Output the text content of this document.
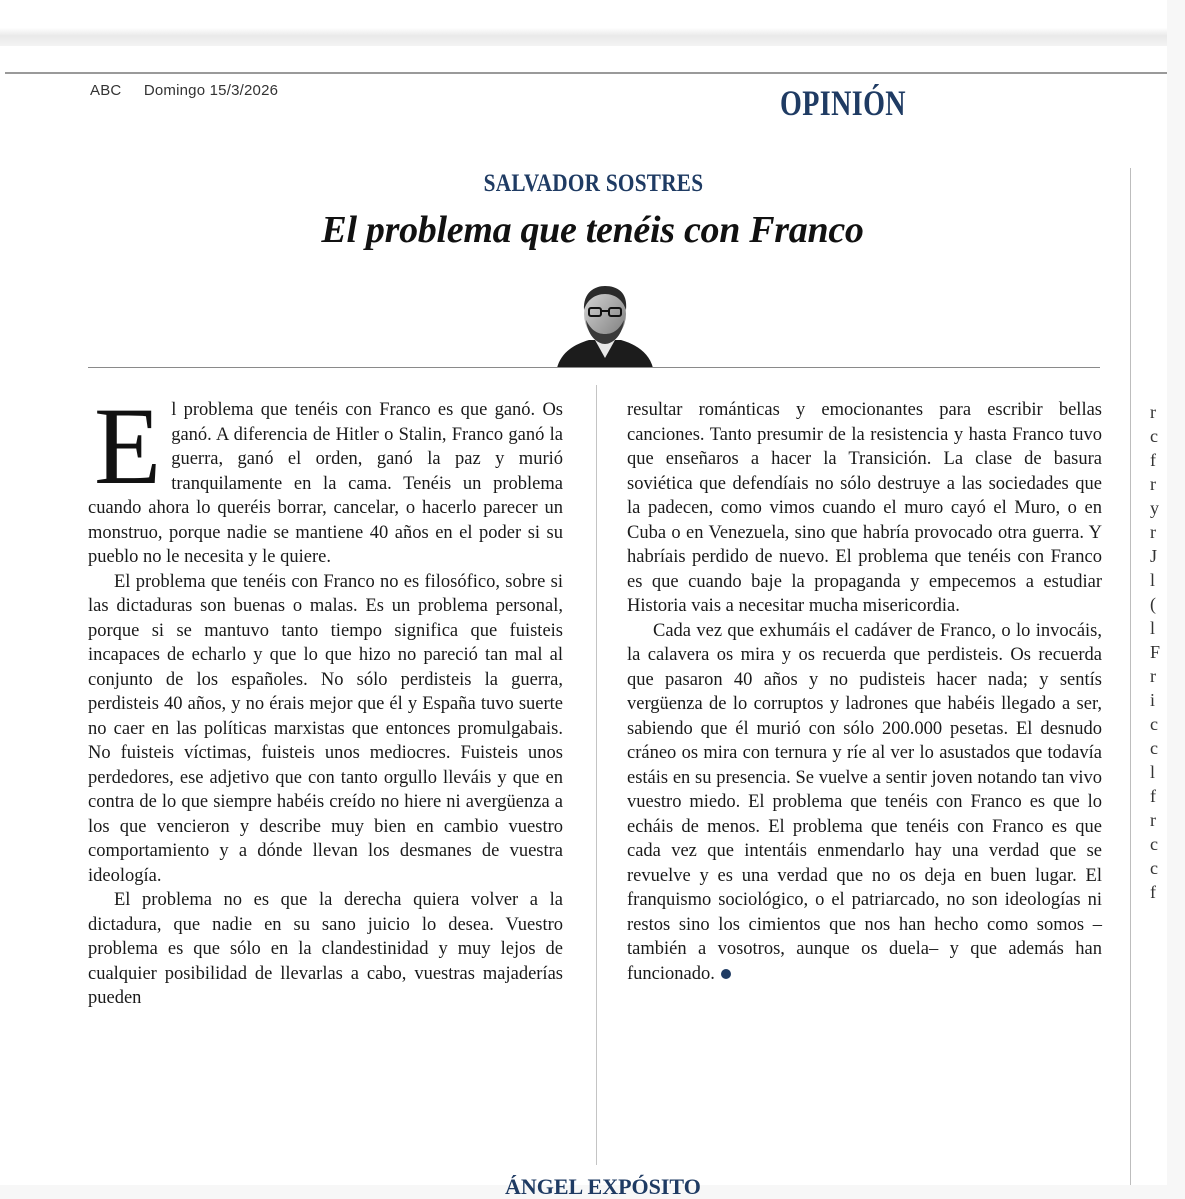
ABC Domingo 15/3/2026	OPINIÓN
r
c
f
r
y
r
J
l
(
l
F
r
i
c
c
l
f
r
c
c
f
SALVADOR SOSTRES
El problema que tenéis con Franco

El problema que tenéis con Franco es que ganó. Os ganó. A diferencia de Hitler o Stalin, Franco ganó la guerra, ganó el orden, ganó la paz y murió tranquilamente en la cama. Tenéis un problema cuando ahora lo queréis borrar, cancelar, o hacerlo parecer un monstruo, porque nadie se mantiene 40 años en el poder si su pueblo no le necesita y le quiere.

El problema que tenéis con Franco no es filosófico, sobre si las dictaduras son buenas o malas. Es un problema personal, porque si se mantuvo tanto tiempo significa que fuisteis incapaces de echarlo y que lo que hizo no pareció tan mal al conjunto de los españoles. No sólo perdisteis la guerra, perdisteis 40 años, y no érais mejor que él y España tuvo suerte no caer en las políticas marxistas que entonces promulgabais. No fuisteis víctimas, fuisteis unos mediocres. Fuisteis unos perdedores, ese adjetivo que con tanto orgullo lleváis y que en contra de lo que siempre habéis creído no hiere ni avergüenza a los que vencieron y describe muy bien en cambio vuestro comportamiento y a dónde llevan los desmanes de vuestra ideología.

El problema no es que la derecha quiera volver a la dictadura, que nadie en su sano juicio lo desea. Vuestro problema es que sólo en la clandestinidad y muy lejos de cualquier posibilidad de llevarlas a cabo, vuestras majaderías pueden

resultar románticas y emocionantes para escribir bellas canciones. Tanto presumir de la resistencia y hasta Franco tuvo que enseñaros a hacer la Transición. La clase de basura soviética que defendíais no sólo destruye a las sociedades que la padecen, como vimos cuando el muro cayó el Muro, o en Cuba o en Venezuela, sino que habría provocado otra guerra. Y habríais perdido de nuevo. El problema que tenéis con Franco es que cuando baje la propaganda y empecemos a estudiar Historia vais a necesitar mucha misericordia.

Cada vez que exhumáis el cadáver de Franco, o lo invocáis, la calavera os mira y os recuerda que perdisteis. Os recuerda que pasaron 40 años y no pudisteis hacer nada; y sentís vergüenza de lo corruptos y ladrones que habéis llegado a ser, sabiendo que él murió con sólo 200.000 pesetas. El desnudo cráneo os mira con ternura y ríe al ver lo asustados que todavía estáis en su presencia. Se vuelve a sentir joven notando tan vivo vuestro miedo. El problema que tenéis con Franco es que lo echáis de menos. El problema que tenéis con Franco es que cada vez que intentáis enmendarlo hay una verdad que se revuelve y es una verdad que no os deja en buen lugar. El franquismo sociológico, o el patriarcado, no son ideologías ni restos sino los cimientos que nos han hecho como somos –también a vosotros, aunque os duela– y que además han funcionado.

ÁNGEL EXPÓSITO
